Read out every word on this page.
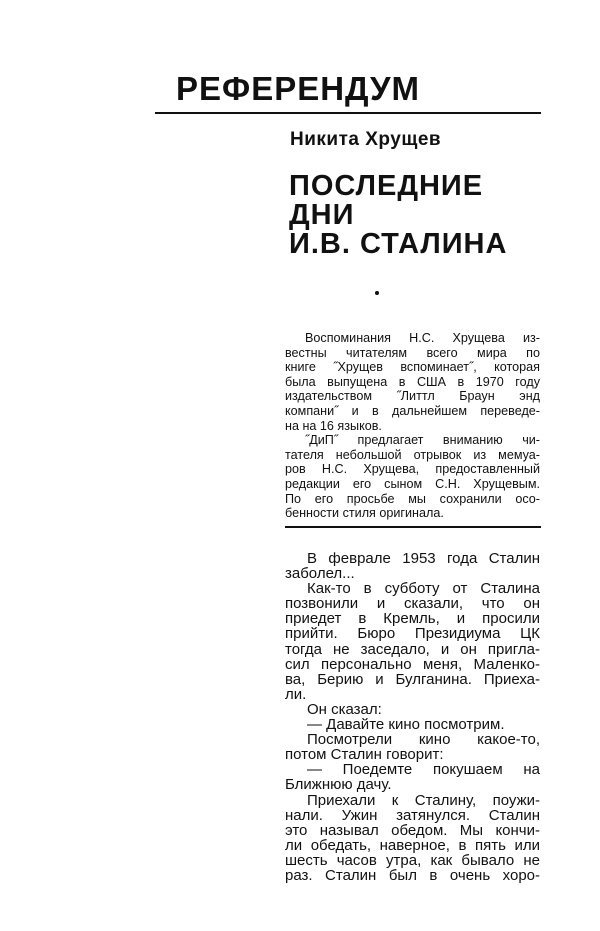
РЕФЕРЕНДУМ
Никита Хрущев
ПОСЛЕДНИЕ
ДНИ
И.В. СТАЛИНА
Воспоминания Н.С. Хрущева из-
вестны читателям всего мира по
книге ˝Хрущев вспоминает˝, которая
была выпущена в США в 1970 году
издательством ˝Литтл Браун энд
компани˝ и в дальнейшем переведе-
на на 16 языков.
˝ДиП˝ предлагает вниманию чи-
тателя небольшой отрывок из мемуа-
ров Н.С. Хрущева, предоставленный
редакции его сыном С.Н. Хрущевым.
По его просьбе мы сохранили осо-
бенности стиля оригинала.
В феврале 1953 года Сталин
заболел...
Как-то в субботу от Сталина
позвонили и сказали, что он
приедет в Кремль, и просили
прийти. Бюро Президиума ЦК
тогда не заседало, и он пригла-
сил персонально меня, Маленко-
ва, Берию и Булганина. Приеха-
ли.
Он сказал:
— Давайте кино посмотрим.
Посмотрели кино какое-то,
потом Сталин говорит:
— Поедемте покушаем на
Ближнюю дачу.
Приехали к Сталину, поужи-
нали. Ужин затянулся. Сталин
это называл обедом. Мы кончи-
ли обедать, наверное, в пять или
шесть часов утра, как бывало не
раз. Сталин был в очень хоро-
